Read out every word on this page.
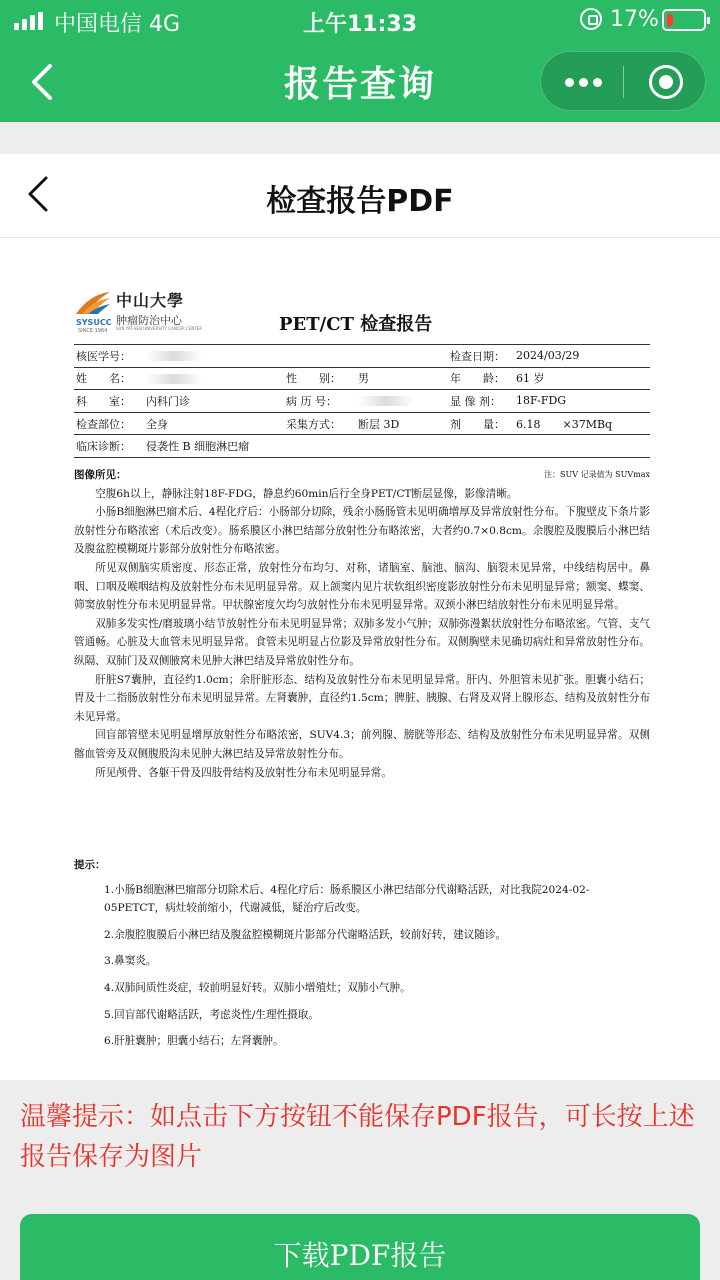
中国电信 4G	上午11:33	17%
报告查询
检查报告PDF
SYSUCC
SINCE 1964
中山大學
肿瘤防治中心
SUN YAT-SEN UNIVERSITY CANCER CENTER	PET/CT 检查报告
核医学号：				检查日期：	2024/03/29
姓　　名：		性　　别：	男	年　　龄：	61 岁
科　　室：	内科门诊	病 历 号：		显 像 剂：	18F-FDG
检查部位：	全身	采集方式：	断层 3D	剂　　量：	6.18　　×37MBq
临床诊断：	侵袭性 B 细胞淋巴瘤				
图像所见：	注：SUV 记录值为 SUVmax

空腹6h以上，静脉注射18F-FDG，静息约60min后行全身PET/CT断层显像，影像清晰。

小肠B细胞淋巴瘤术后、4程化疗后：小肠部分切除，残余小肠肠管未见明确增厚及异常放射性分布。下腹壁皮下条片影放射性分布略浓密（术后改变）。肠系膜区小淋巴结部分放射性分布略浓密，大者约0.7×0.8cm。余腹腔及腹膜后小淋巴结及腹盆腔模糊斑片影部分放射性分布略浓密。

所见双侧脑实质密度、形态正常，放射性分布均匀、对称，诸脑室、脑池、脑沟、脑裂未见异常，中线结构居中。鼻咽、口咽及喉咽结构及放射性分布未见明显异常。双上颌窦内见片状软组织密度影放射性分布未见明显异常；额窦、蝶窦、筛窦放射性分布未见明显异常。甲状腺密度欠均匀放射性分布未见明显异常。双颈小淋巴结放射性分布未见明显异常。

双肺多发实性/磨玻璃小结节放射性分布未见明显异常；双肺多发小气肿；双肺弥漫絮状放射性分布略浓密。气管、支气管通畅。心脏及大血管未见明显异常。食管未见明显占位影及异常放射性分布。双侧胸壁未见确切病灶和异常放射性分布。纵隔、双肺门及双侧腋窝未见肿大淋巴结及异常放射性分布。

肝脏S7囊肿，直径约1.0cm；余肝脏形态、结构及放射性分布未见明显异常。肝内、外胆管未见扩张。胆囊小结石；胃及十二指肠放射性分布未见明显异常。左肾囊肿，直径约1.5cm；脾脏、胰腺、右肾及双肾上腺形态、结构及放射性分布未见异常。

回盲部管壁未见明显增厚放射性分布略浓密，SUV4.3；前列腺、膀胱等形态、结构及放射性分布未见明显异常。双侧髂血管旁及双侧腹股沟未见肿大淋巴结及异常放射性分布。

所见颅骨、各躯干骨及四肢骨结构及放射性分布未见明显异常。

提示：
1.小肠B细胞淋巴瘤部分切除术后、4程化疗后：肠系膜区小淋巴结部分代谢略活跃，对比我院2024-02-05PETCT，病灶较前缩小，代谢减低，疑治疗后改变。
2.余腹腔腹膜后小淋巴结及腹盆腔模糊斑片影部分代谢略活跃，较前好转，建议随诊。
3.鼻窦炎。
4.双肺间质性炎症，较前明显好转。双肺小增殖灶；双肺小气肿。
5.回盲部代谢略活跃，考虑炎性/生理性摄取。
6.肝脏囊肿；胆囊小结石；左肾囊肿。
温馨提示：如点击下方按钮不能保存PDF报告，可长按上述报告保存为图片
下载PDF报告
